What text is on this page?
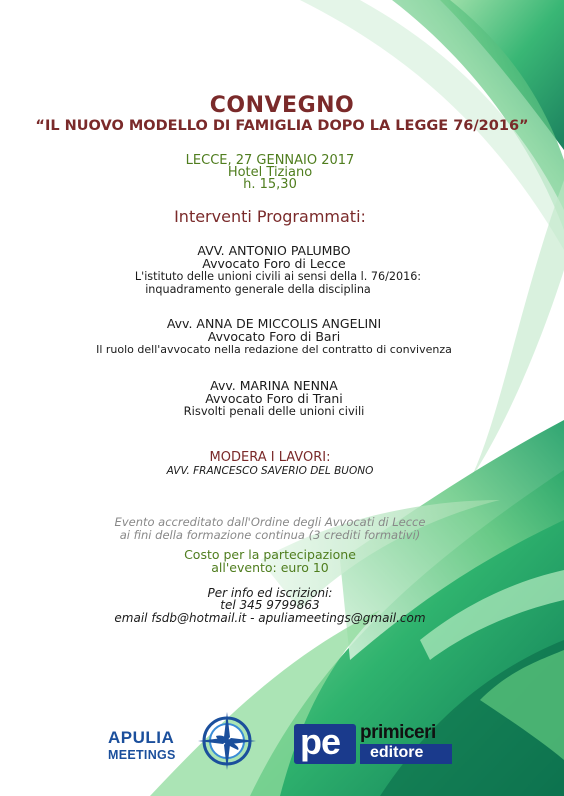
CONVEGNO
“IL NUOVO MODELLO DI FAMIGLIA DOPO LA LEGGE 76/2016”
LECCE, 27 GENNAIO 2017
Hotel Tiziano
h. 15,30
Interventi Programmati:
AVV. ANTONIO PALUMBO
Avvocato Foro di Lecce
L'istituto delle unioni civili ai sensi della l. 76/2016:
inquadramento generale della disciplina
Avv. ANNA DE MICCOLIS ANGELINI
Avvocato Foro di Bari
Il ruolo dell'avvocato nella redazione del contratto di convivenza
Avv. MARINA NENNA
Avvocato Foro di Trani
Risvolti penali delle unioni civili
MODERA I LAVORI:
AVV. FRANCESCO SAVERIO DEL BUONO
Evento accreditato dall'Ordine degli Avvocati di Lecce
ai fini della formazione continua (3 crediti formativi)
Costo per la partecipazione
all'evento: euro 10
Per info ed iscrizioni:
tel 345 9799863
email fsdb@hotmail.it - apuliameetings@gmail.com
APULIA
MEETINGS	pe primiceri
editore
